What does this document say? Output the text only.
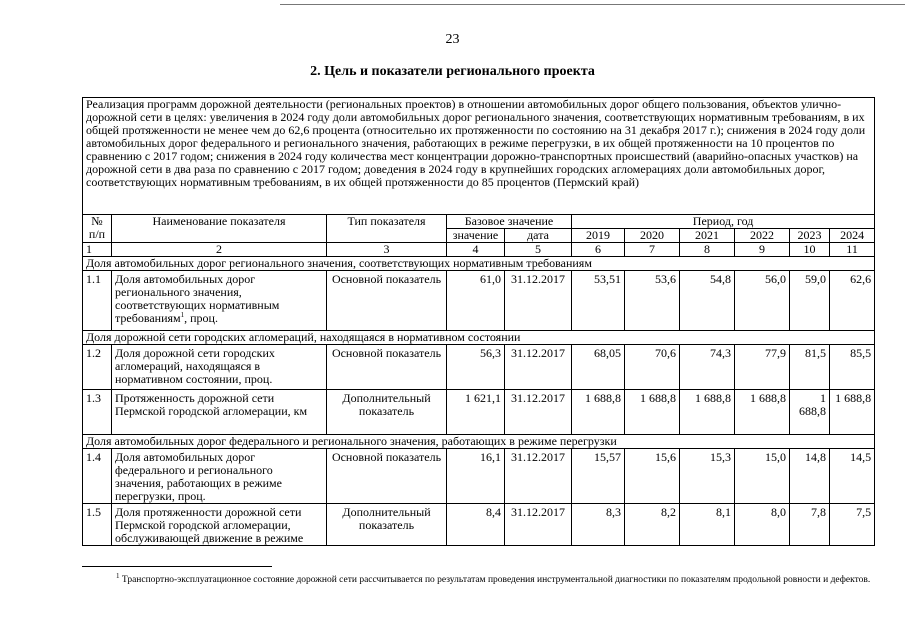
23
2. Цель и показатели регионального проекта
Реализация программ дорожной деятельности (региональных проектов) в отношении автомобильных дорог общего пользования, объектов улично-дорожной сети в целях: увеличения в 2024 году доли автомобильных дорог регионального значения, соответствующих нормативным требованиям, в их общей протяженности не менее чем до 62,6 процента (относительно их протяженности по состоянию на 31 декабря 2017 г.); снижения в 2024 году доли автомобильных дорог федерального и регионального значения, работающих в режиме перегрузки, в их общей протяженности на 10 процентов по сравнению с 2017 годом; снижения в 2024 году количества мест концентрации дорожно-транспортных происшествий (аварийно-опасных участков) на дорожной сети в два раза по сравнению с 2017 годом; доведения в 2024 году в крупнейших городских агломерациях доли автомобильных дорог, соответствующих нормативным требованиям, в их общей протяженности до 85 процентов (Пермский край)										
№ п/п	Наименование показателя	Тип показателя	Базовое значение		Период, год					
			значение	дата	2019	2020	2021	2022	2023	2024
1	2	3	4	5	6	7	8	9	10	11
Доля автомобильных дорог регионального значения, соответствующих нормативным требованиям										
1.1	Доля автомобильных дорог регионального значения, соответствующих нормативным требованиям$^1$, проц.	Основной показатель	61,0	31.12.2017	53,51	53,6	54,8	56,0	59,0	62,6
Доля дорожной сети городских агломераций, находящаяся в нормативном состоянии										
1.2	Доля дорожной сети городских агломераций, находящаяся в нормативном состоянии, проц.	Основной показатель	56,3	31.12.2017	68,05	70,6	74,3	77,9	81,5	85,5
1.3	Протяженность дорожной сети Пермской городской агломерации, км	Дополнительный показатель	1 621,1	31.12.2017	1 688,8	1 688,8	1 688,8	1 688,8	1 688,8	1 688,8
Доля автомобильных дорог федерального и регионального значения, работающих в режиме перегрузки										
1.4	Доля автомобильных дорог федерального и регионального значения, работающих в режиме перегрузки, проц.	Основной показатель	16,1	31.12.2017	15,57	15,6	15,3	15,0	14,8	14,5
1.5	Доля протяженности дорожной сети Пермской городской агломерации, обслуживающей движение в режиме	Дополнительный показатель	8,4	31.12.2017	8,3	8,2	8,1	8,0	7,8	7,5
$^1$ Транспортно-эксплуатационное состояние дорожной сети рассчитывается по результатам проведения инструментальной диагностики по показателям продольной ровности и дефектов.
